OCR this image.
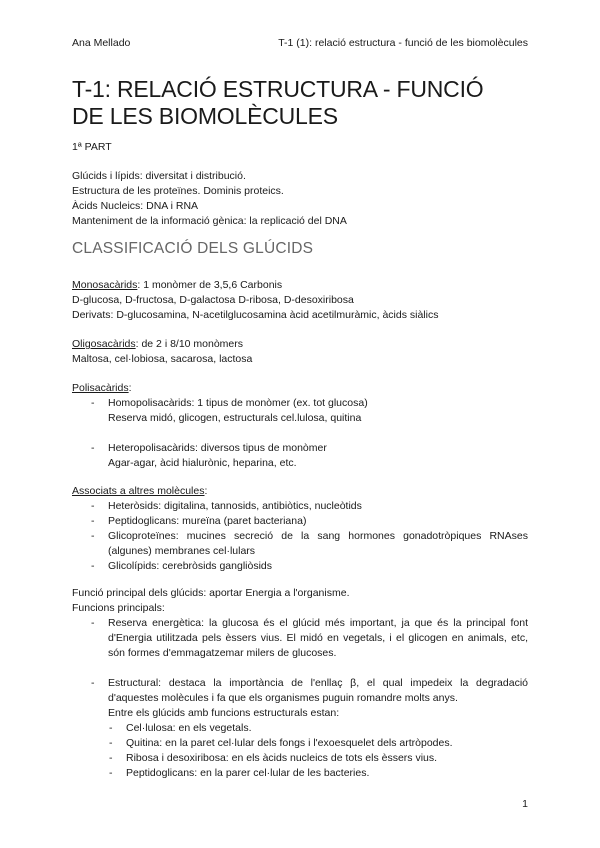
Ana Mellado	T-1 (1): relació estructura - funció de les biomolècules
T-1: RELACIÓ ESTRUCTURA - FUNCIÓ
DE LES BIOMOLÈCULES
1ª PART
Glúcids i lípids: diversitat i distribució.
Estructura de les proteïnes. Dominis proteics.
Àcids Nucleics: DNA i RNA
Manteniment de la informació gènica: la replicació del DNA
CLASSIFICACIÓ DELS GLÚCIDS
Monosacàrids: 1 monòmer de 3,5,6 Carbonis
D-glucosa, D-fructosa, D-galactosa D-ribosa, D-desoxiribosa
Derivats: D-glucosamina, N-acetilglucosamina àcid acetilmuràmic, àcids siàlics
Oligosacàrids: de 2 i 8/10 monòmers
Maltosa, cel·lobiosa, sacarosa, lactosa
Polisacàrids:
- Homopolisacàrids: 1 tipus de monòmer (ex. tot glucosa)
Reserva midó, glicogen, estructurals cel.lulosa, quitina
- Heteropolisacàrids: diversos tipus de monòmer
Agar-agar, àcid hialurònic, heparina, etc.
Associats a altres molècules:
- Heteròsids: digitalina, tannosids, antibiòtics, nucleòtids
- Peptidoglicans: mureïna (paret bacteriana)
- Glicoproteïnes: mucines secreció de la sang hormones gonadotròpiques RNAses (algunes) membranes cel·lulars
- Glicolípids: cerebròsids gangliòsids
Funció principal dels glúcids: aportar Energia a l'organisme.
Funcions principals:
- Reserva energètica: la glucosa és el glúcid més important, ja que és la principal font d'Energia utilitzada pels èssers vius. El midó en vegetals, i el glicogen en animals, etc, són formes d'emmagatzemar milers de glucoses.
- Estructural: destaca la importància de l'enllaç β, el qual impedeix la degradació d'aquestes molècules i fa que els organismes puguin romandre molts anys.
Entre els glúcids amb funcions estructurals estan:
- Cel·lulosa: en els vegetals.
- Quitina: en la paret cel·lular dels fongs i l'exoesquelet dels artròpodes.
- Ribosa i desoxiribosa: en els àcids nucleics de tots els èssers vius.
- Peptidoglicans: en la parer cel·lular de les bacteries.
1
